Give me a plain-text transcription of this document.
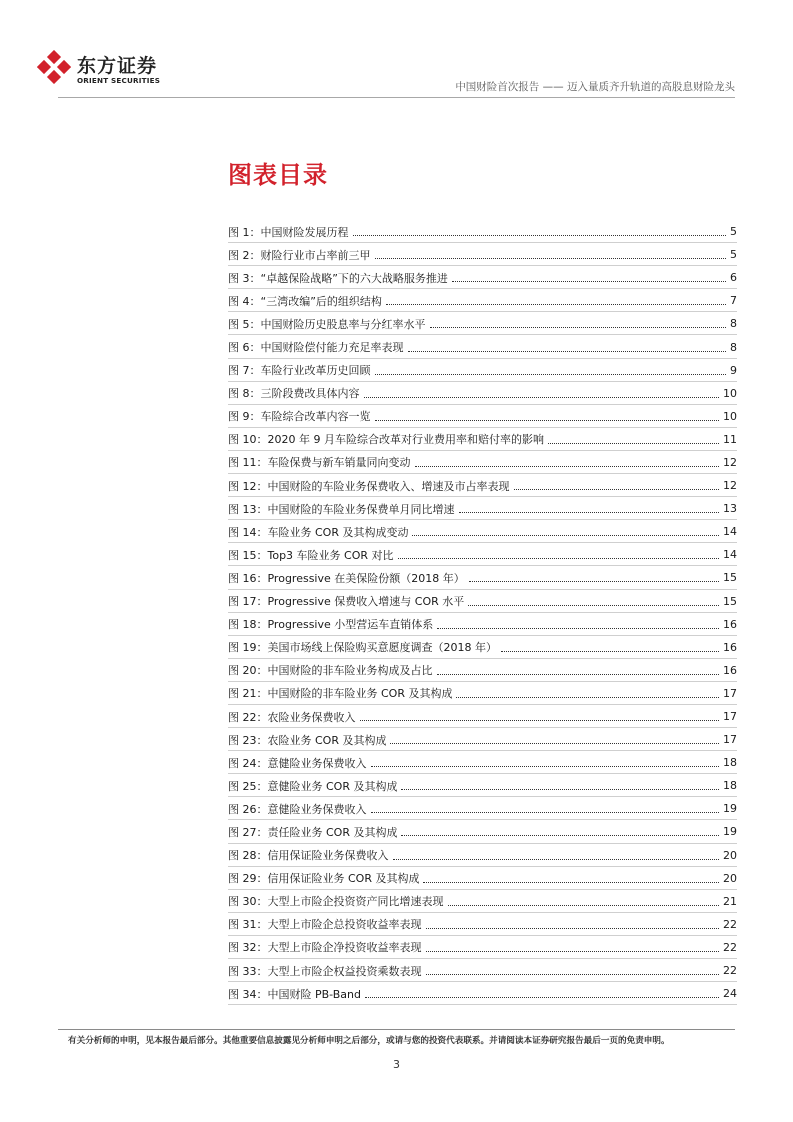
东方证券
ORIENT SECURITIES
中国财险首次报告 —— 迈入量质齐升轨道的高股息财险龙头
图表目录
图 1：中国财险发展历程	5
图 2：财险行业市占率前三甲	5
图 3：“卓越保险战略”下的六大战略服务推进	6
图 4：“三湾改编”后的组织结构	7
图 5：中国财险历史股息率与分红率水平	8
图 6：中国财险偿付能力充足率表现	8
图 7：车险行业改革历史回顾	9
图 8：三阶段费改具体内容	10
图 9：车险综合改革内容一览	10
图 10：2020 年 9 月车险综合改革对行业费用率和赔付率的影响	11
图 11：车险保费与新车销量同向变动	12
图 12：中国财险的车险业务保费收入、增速及市占率表现	12
图 13：中国财险的车险业务保费单月同比增速	13
图 14：车险业务 COR 及其构成变动	14
图 15：Top3 车险业务 COR 对比	14
图 16：Progressive 在美保险份额（2018 年）	15
图 17：Progressive 保费收入增速与 COR 水平	15
图 18：Progressive 小型营运车直销体系	16
图 19：美国市场线上保险购买意愿度调查（2018 年）	16
图 20：中国财险的非车险业务构成及占比	16
图 21：中国财险的非车险业务 COR 及其构成	17
图 22：农险业务保费收入	17
图 23：农险业务 COR 及其构成	17
图 24：意健险业务保费收入	18
图 25：意健险业务 COR 及其构成	18
图 26：意健险业务保费收入	19
图 27：责任险业务 COR 及其构成	19
图 28：信用保证险业务保费收入	20
图 29：信用保证险业务 COR 及其构成	20
图 30：大型上市险企投资资产同比增速表现	21
图 31：大型上市险企总投资收益率表现	22
图 32：大型上市险企净投资收益率表现	22
图 33：大型上市险企权益投资乘数表现	22
图 34：中国财险 PB-Band	24
有关分析师的申明，见本报告最后部分。其他重要信息披露见分析师申明之后部分，或请与您的投资代表联系。并请阅读本证券研究报告最后一页的免责申明。
3
